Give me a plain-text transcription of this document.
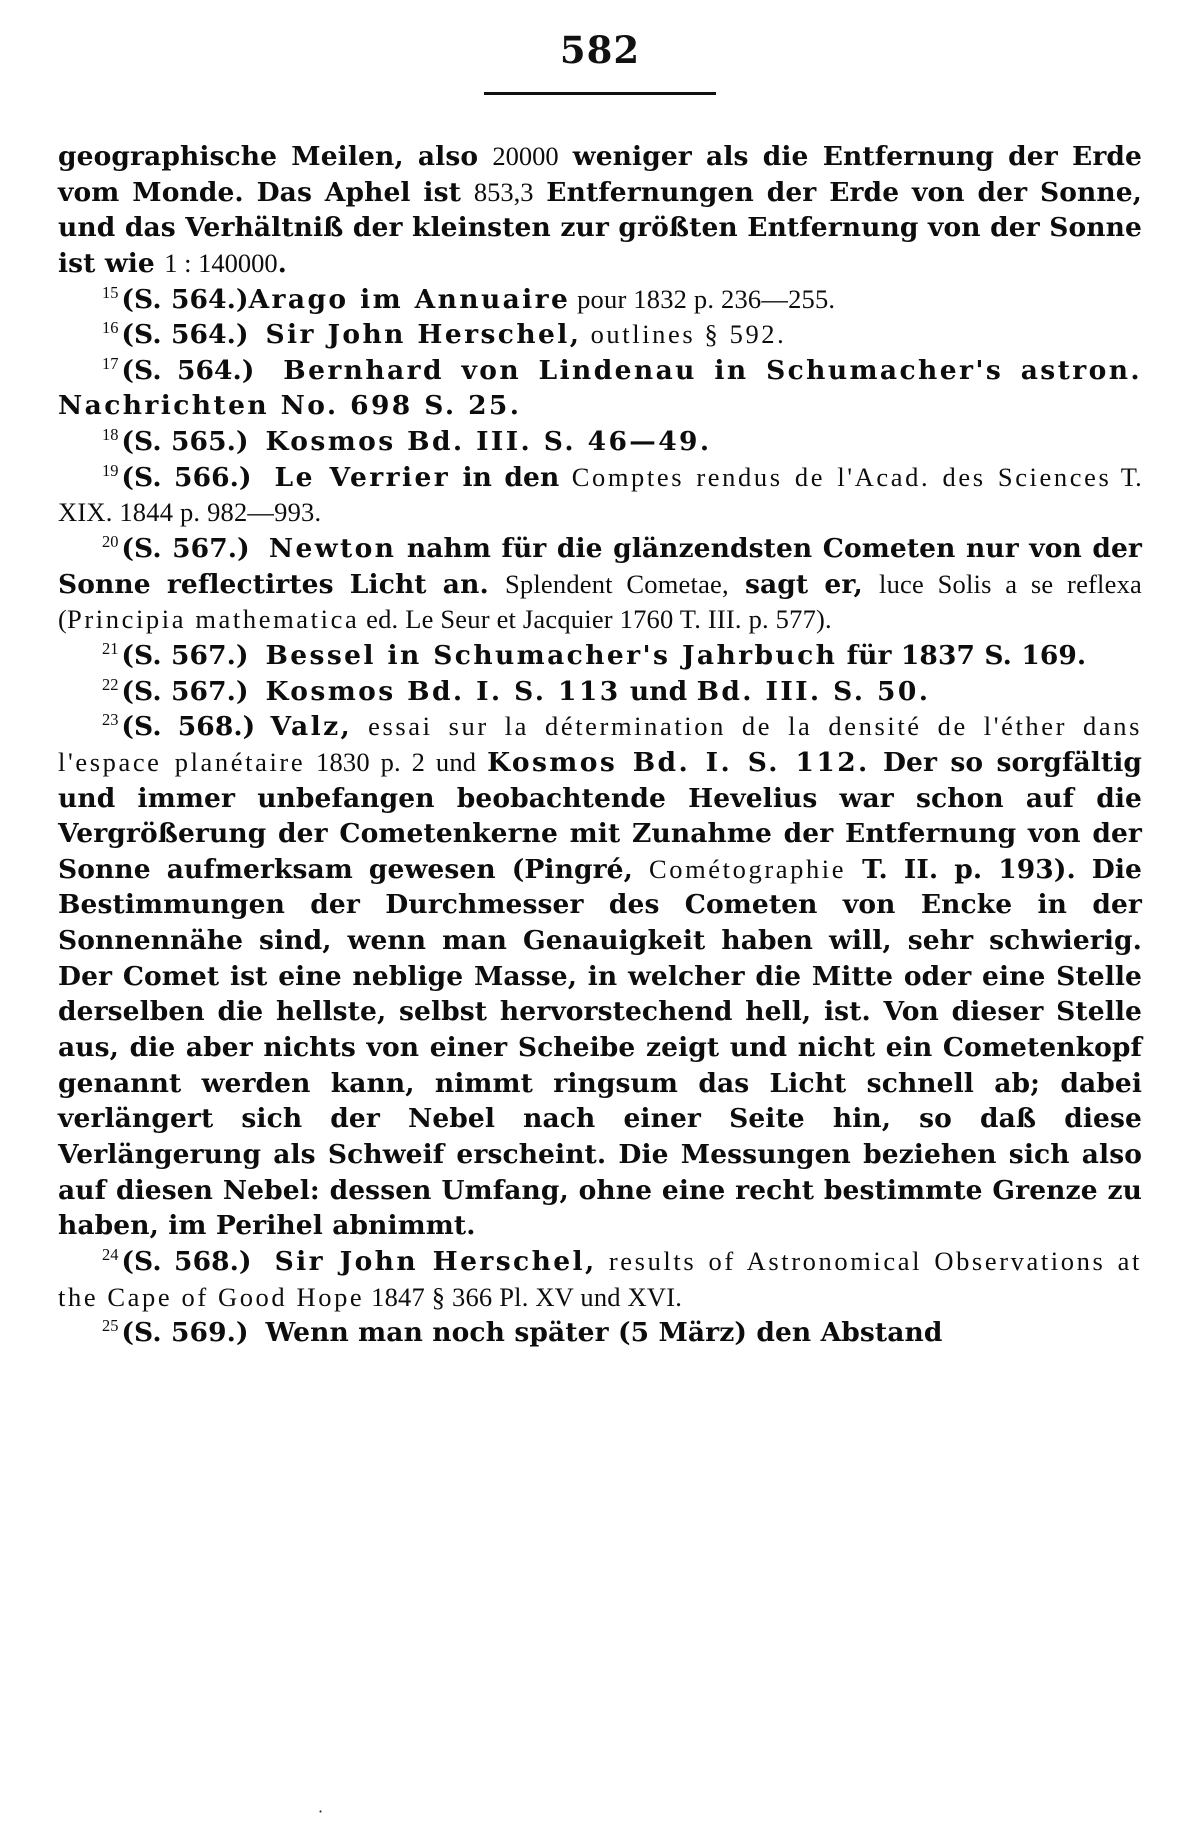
582

geographische Meilen, also 20000 weniger als die Entfernung der Erde vom Monde. Das Aphel ist 853,3 Entfernungen der Erde von der Sonne, und das Verhältniß der kleinsten zur größten Entfernung von der Sonne ist wie 1 : 140000.

$^{15}$ (S. 564.)Arago im Annuaire pour 1832 p. 236—255.

$^{16}$ (S. 564.) Sir John Herschel, outlines § 592.

$^{17}$ (S. 564.) Bernhard von Lindenau in Schumacher's astron. Nachrichten No. 698 S. 25.

$^{18}$ (S. 565.) Kosmos Bd. III. S. 46—49.

$^{19}$ (S. 566.) Le Verrier in den Comptes rendus de l'Acad. des Sciences T. XIX. 1844 p. 982—993.

$^{20}$ (S. 567.) Newton nahm für die glänzendsten Cometen nur von der Sonne reflectirtes Licht an. Splendent Cometae, sagt er, luce Solis a se reflexa (Principia mathematica ed. Le Seur et Jacquier 1760 T. III. p. 577).

$^{21}$ (S. 567.) Bessel in Schumacher's Jahrbuch für 1837 S. 169.

$^{22}$ (S. 567.) Kosmos Bd. I. S. 113 und Bd. III. S. 50.

$^{23}$ (S. 568.) Valz, essai sur la détermination de la densité de l'éther dans l'espace planétaire 1830 p. 2 und Kosmos Bd. I. S. 112. Der so sorgfältig und immer unbefangen beobachtende Hevelius war schon auf die Vergrößerung der Cometenkerne mit Zunahme der Entfernung von der Sonne aufmerksam gewesen (Pingré, Cométographie T. II. p. 193). Die Bestimmungen der Durchmesser des Cometen von Encke in der Sonnennähe sind, wenn man Genauigkeit haben will, sehr schwierig. Der Comet ist eine neblige Masse, in welcher die Mitte oder eine Stelle derselben die hellste, selbst hervorstechend hell, ist. Von dieser Stelle aus, die aber nichts von einer Scheibe zeigt und nicht ein Cometenkopf genannt werden kann, nimmt ringsum das Licht schnell ab; dabei verlängert sich der Nebel nach einer Seite hin, so daß diese Verlängerung als Schweif erscheint. Die Messungen beziehen sich also auf diesen Nebel: dessen Umfang, ohne eine recht bestimmte Grenze zu haben, im Perihel abnimmt.

$^{24}$ (S. 568.) Sir John Herschel, results of Astronomical Observations at the Cape of Good Hope 1847 § 366 Pl. XV und XVI.

$^{25}$ (S. 569.) Wenn man noch später (5 März) den Abstand

·
